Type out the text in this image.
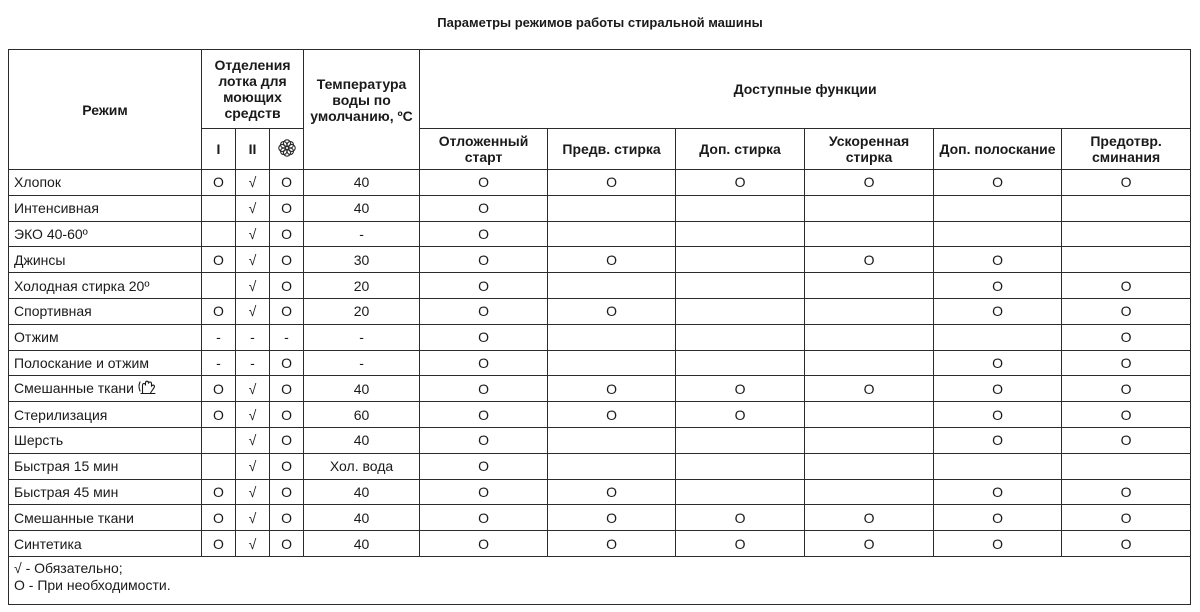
Параметры режимов работы стиральной машины
Режим	Отделения лотка для моющих средств			Температура воды по умолчанию, ºС	Доступные функции					
	I	II			Отложенный старт	Предв. стирка	Доп. стирка	Ускоренная стирка	Доп. полоскание	Предотвр. сминания
Хлопок	O	√	O	40	O	O	O	O	O	O
Интенсивная		√	O	40	O					
ЭКО 40-60º		√	O	-	O					
Джинсы	O	√	O	30	O	O		O	O	
Холодная стирка 20º		√	O	20	O				O	O
Спортивная	O	√	O	20	O	O			O	O
Отжим	-	-	-	-	O					O
Полоскание и отжим	-	-	O	-	O				O	O
Смешанные ткани	O	√	O	40	O	O	O	O	O	O
Стерилизация	O	√	O	60	O	O	O		O	O
Шерсть		√	O	40	O				O	O
Быстрая 15 мин		√	O	Хол. вода	O					
Быстрая 45 мин	O	√	O	40	O	O			O	O
Смешанные ткани	O	√	O	40	O	O	O	O	O	O
Синтетика	O	√	O	40	O	O	O	O	O	O

√ - Обязательно;
O - При необходимости.										
